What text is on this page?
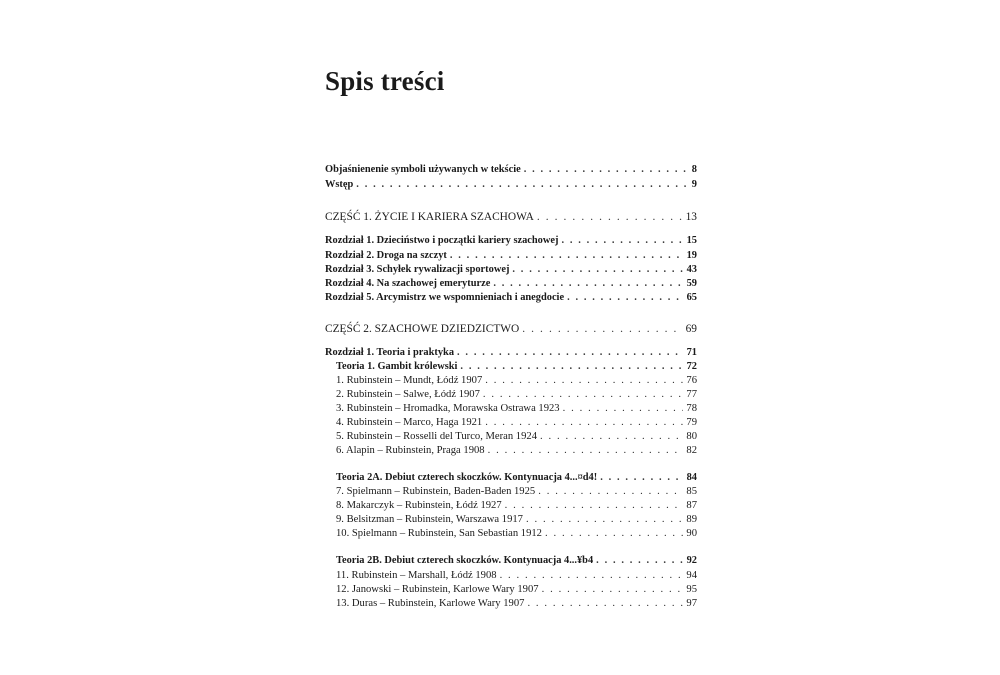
Spis treści
Objaśnienenie symboli używanych w tekście . . .	8
Wstęp . . .	9
CZĘŚĆ 1. ŻYCIE I KARIERA SZACHOWA . . .	13
Rozdział 1. Dzieciństwo i początki kariery szachowej . . .	15
Rozdział 2. Droga na szczyt . . .	19
Rozdział 3. Schyłek rywalizacji sportowej . . .	43
Rozdział 4. Na szachowej emeryturze . . .	59
Rozdział 5. Arcymistrz we wspomnieniach i anegdocie . . .	65
CZĘŚĆ 2. SZACHOWE DZIEDZICTWO . . .	69
Rozdział 1. Teoria i praktyka . . .	71
Teoria 1. Gambit królewski . . .	72
1. Rubinstein – Mundt, Łódź 1907 . . .	76
2. Rubinstein – Salwe, Łódź 1907 . . .	77
3. Rubinstein – Hromadka, Morawska Ostrawa 1923 . . .	78
4. Rubinstein – Marco, Haga 1921 . . .	79
5. Rubinstein – Rosselli del Turco, Meran 1924 . . .	80
6. Alapin – Rubinstein, Praga 1908 . . .	82
Teoria 2A. Debiut czterech skoczków. Kontynuacja 4...¤d4! . . .	84
7. Spielmann – Rubinstein, Baden-Baden 1925 . . .	85
8. Makarczyk – Rubinstein, Łódź 1927 . . .	87
9. Belsitzman – Rubinstein, Warszawa 1917 . . .	89
10. Spielmann – Rubinstein, San Sebastian 1912 . . .	90
Teoria 2B. Debiut czterech skoczków. Kontynuacja 4...¥b4 . . .	92
11. Rubinstein – Marshall, Łódź 1908 . . .	94
12. Janowski – Rubinstein, Karlowe Wary 1907 . . .	95
13. Duras – Rubinstein, Karlowe Wary 1907 . . .	97
